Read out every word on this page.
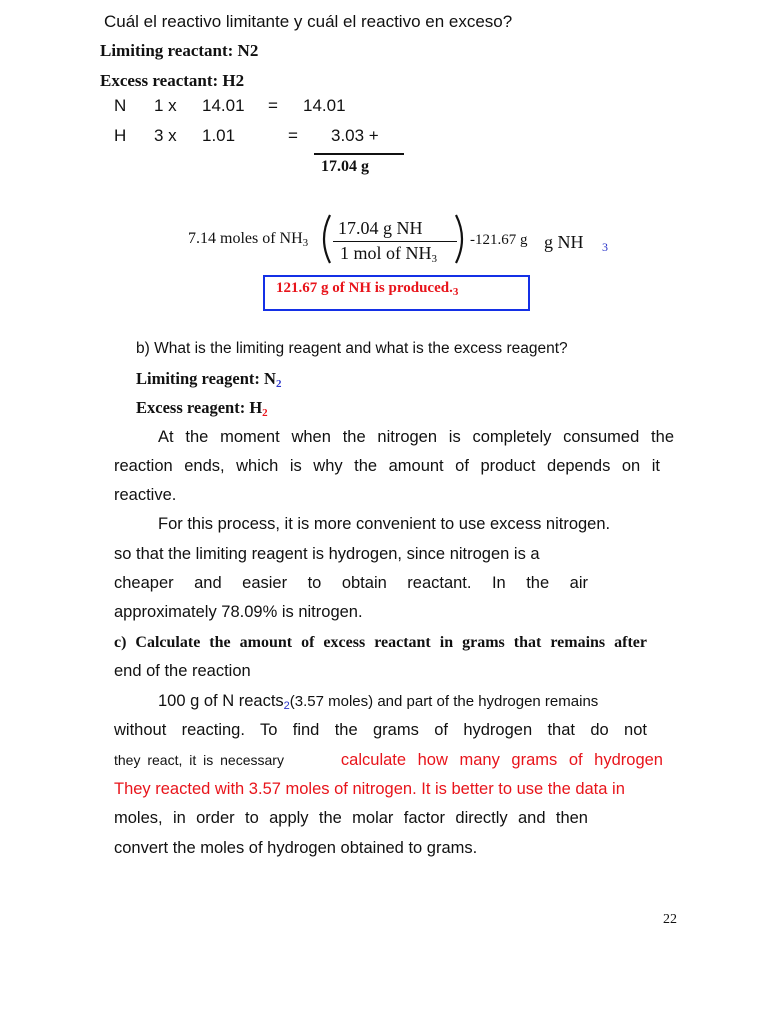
Cuál el reactivo limitante y cuál el reactivo en exceso?
Limiting reactant: N2
Excess reactant: H2
N 1 x 14.01 = 14.01
H 3 x 1.01	= 3.03 +
17.04 g
7.14 moles of $NH_3$
17.04 g NH
1 mol of $NH_3$
-121.67 g g NH 3
121.67 g of NH is $produced._3$
b) What is the limiting reagent and what is the excess reagent?
Limiting reagent: $N_2$
Excess reagent: $H_2$
At the moment when the nitrogen is completely consumed the
reaction ends, which is why the amount of product depends on it
reactive.
For this process, it is more convenient to use excess nitrogen.
so that the limiting reagent is hydrogen, since nitrogen is a
cheaper and easier to obtain reactant. In the air
approximately 78.09% is nitrogen.
c) Calculate the amount of excess reactant in grams that remains after
end of the reaction
100 g of N reacts$_2$(3.57 moles) and part of the hydrogen remains
without reacting. To find the grams of hydrogen that do not
they react, it is necessary	calculate how many grams of hydrogen
They reacted with 3.57 moles of nitrogen. It is better to use the data in
moles, in order to apply the molar factor directly and then
convert the moles of hydrogen obtained to grams.
22
